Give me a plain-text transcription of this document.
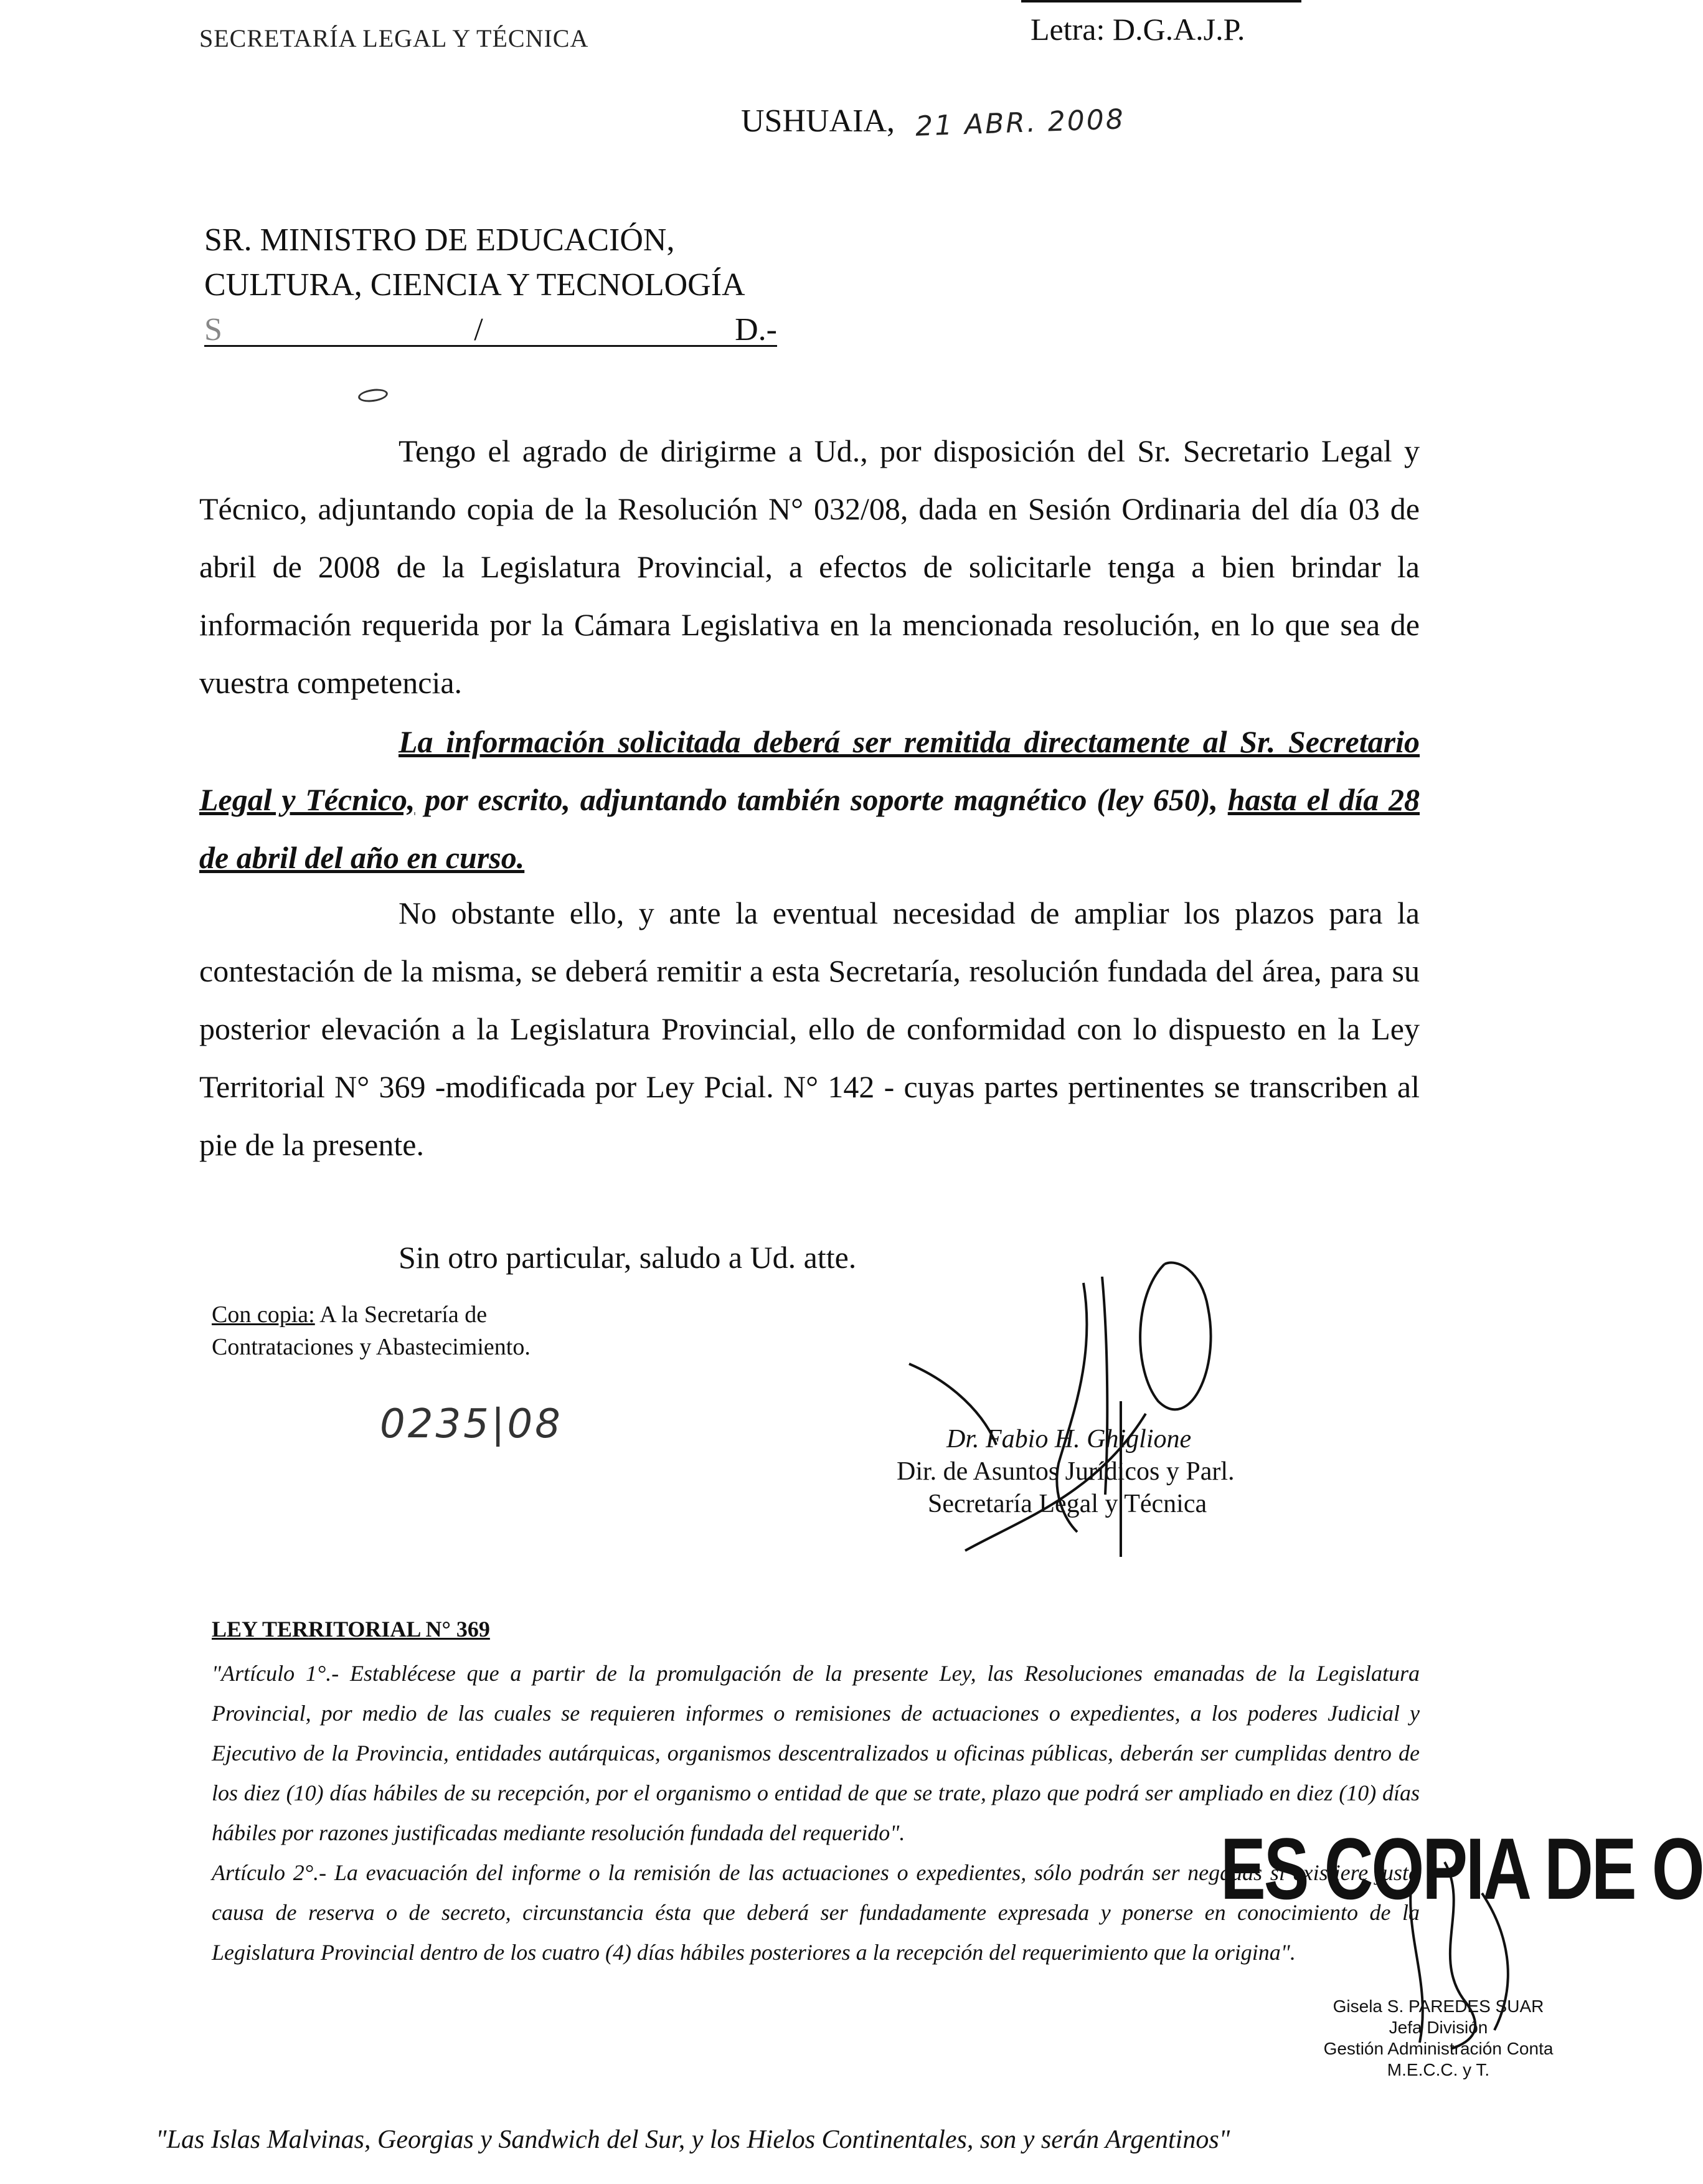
SECRETARÍA LEGAL Y TÉCNICA	Letra: D.G.A.J.P.
USHUAIA, 21 ABR. 2008
SR. MINISTRO DE EDUCACIÓN,
CULTURA, CIENCIA Y TECNOLOGÍA
S	/	D.-
Tengo el agrado de dirigirme a Ud., por disposición del Sr. Secretario Legal y Técnico, adjuntando copia de la Resolución N° 032/08, dada en Sesión Ordinaria del día 03 de abril de 2008 de la Legislatura Provincial, a efectos de solicitarle tenga a bien brindar la información requerida por la Cámara Legislativa en la mencionada resolución, en lo que sea de vuestra competencia.
La información solicitada deberá ser remitida directamente al Sr. Secretario Legal y Técnico, por escrito, adjuntando también soporte magnético (ley 650), hasta el día 28 de abril del año en curso.
No obstante ello, y ante la eventual necesidad de ampliar los plazos para la contestación de la misma, se deberá remitir a esta Secretaría, resolución fundada del área, para su posterior elevación a la Legislatura Provincial, ello de conformidad con lo dispuesto en la Ley Territorial N° 369 -modificada por Ley Pcial. N° 142 - cuyas partes pertinentes se transcriben al pie de la presente.
Sin otro particular, saludo a Ud. atte.
Con copia: A la Secretaría de
Contrataciones y Abastecimiento.
0235|08	Dr. Fabio H. Ghiglione
Dir. de Asuntos Jurídicos y Parl.
Secretaría Legal y Técnica
LEY TERRITORIAL N° 369
"Artículo 1°.- Establécese que a partir de la promulgación de la presente Ley, las Resoluciones emanadas de la Legislatura Provincial, por medio de las cuales se requieren informes o remisiones de actuaciones o expedientes, a los poderes Judicial y Ejecutivo de la Provincia, entidades autárquicas, organismos descentralizados u oficinas públicas, deberán ser cumplidas dentro de los diez (10) días hábiles de su recepción, por el organismo o entidad de que se trate, plazo que podrá ser ampliado en diez (10) días hábiles por razones justificadas mediante resolución fundada del requerido".
Artículo 2°.- La evacuación del informe o la remisión de las actuaciones o expedientes, sólo podrán ser negadas si existiere justa causa de reserva o de secreto, circunstancia ésta que deberá ser fundadamente expresada y ponerse en conocimiento de la Legislatura Provincial dentro de los cuatro (4) días hábiles posteriores a la recepción del requerimiento que la origina".
ES COPIA DE O
Gisela S. PAREDES SUAR
Jefa División
Gestión Administración Conta
M.E.C.C. y T.
"Las Islas Malvinas, Georgias y Sandwich del Sur, y los Hielos Continentales, son y serán Argentinos"
